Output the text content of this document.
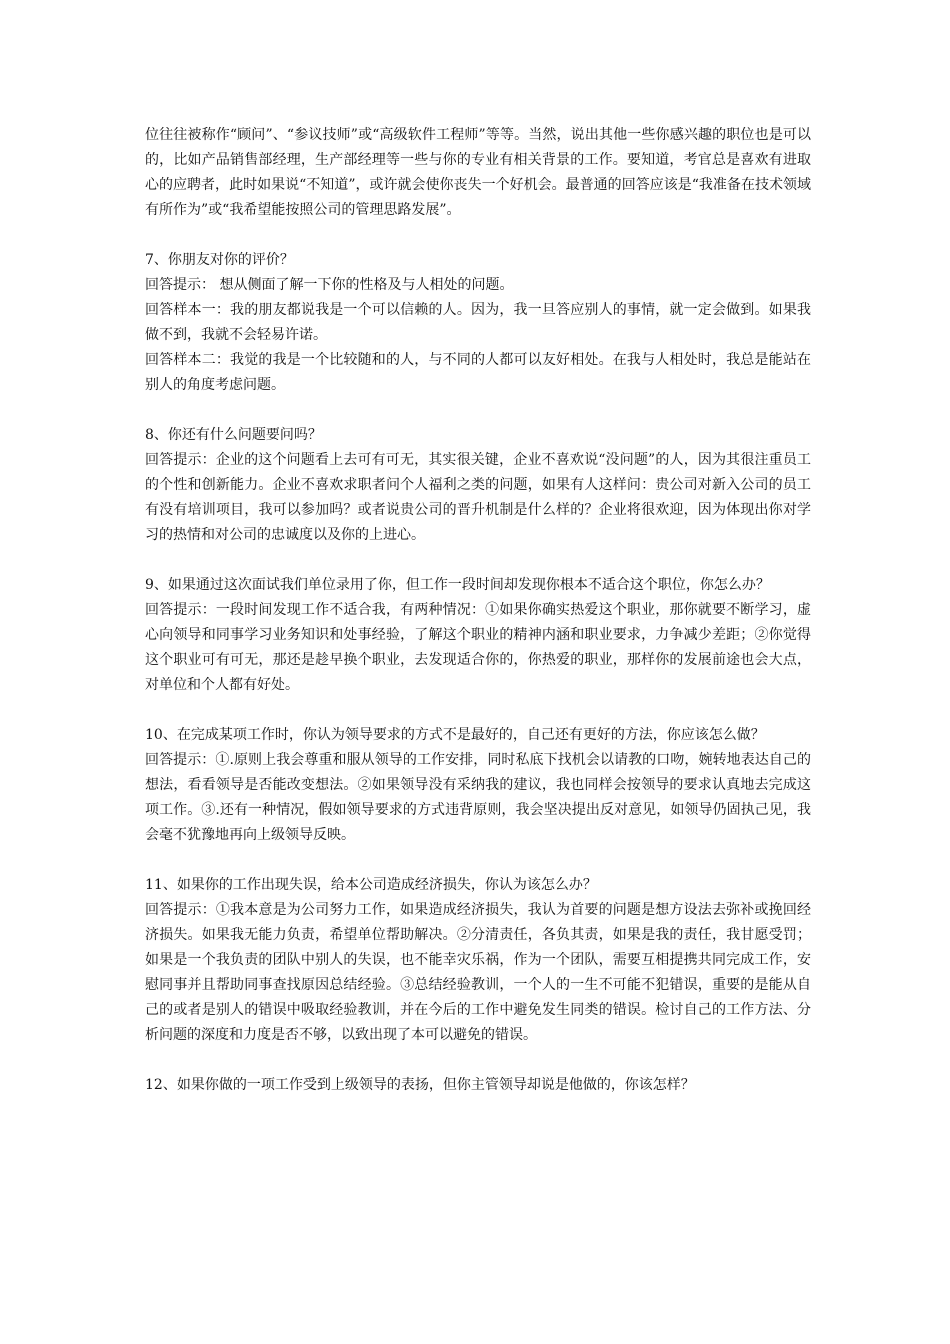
位往往被称作“顾问”、“参议技师”或“高级软件工程师”等等。当然，说出其他一些你感兴趣的职位也是可以的，比如产品销售部经理，生产部经理等一些与你的专业有相关背景的工作。要知道，考官总是喜欢有进取心的应聘者，此时如果说“不知道”，或许就会使你丧失一个好机会。最普通的回答应该是“我准备在技术领域有所作为”或“我希望能按照公司的管理思路发展”。

7、你朋友对你的评价？

回答提示： 想从侧面了解一下你的性格及与人相处的问题。

回答样本一：我的朋友都说我是一个可以信赖的人。因为，我一旦答应别人的事情，就一定会做到。如果我做不到，我就不会轻易许诺。

回答样本二：我觉的我是一个比较随和的人，与不同的人都可以友好相处。在我与人相处时，我总是能站在别人的角度考虑问题。

8、你还有什么问题要问吗？

回答提示：企业的这个问题看上去可有可无，其实很关键，企业不喜欢说“没问题”的人，因为其很注重员工的个性和创新能力。企业不喜欢求职者问个人福利之类的问题，如果有人这样问：贵公司对新入公司的员工有没有培训项目，我可以参加吗？或者说贵公司的晋升机制是什么样的？企业将很欢迎，因为体现出你对学习的热情和对公司的忠诚度以及你的上进心。

9、如果通过这次面试我们单位录用了你，但工作一段时间却发现你根本不适合这个职位，你怎么办？

回答提示：一段时间发现工作不适合我，有两种情况：①如果你确实热爱这个职业，那你就要不断学习，虚心向领导和同事学习业务知识和处事经验，了解这个职业的精神内涵和职业要求，力争减少差距；②你觉得这个职业可有可无，那还是趁早换个职业，去发现适合你的，你热爱的职业，那样你的发展前途也会大点，对单位和个人都有好处。

10、在完成某项工作时，你认为领导要求的方式不是最好的，自己还有更好的方法，你应该怎么做？

回答提示：①.原则上我会尊重和服从领导的工作安排，同时私底下找机会以请教的口吻，婉转地表达自己的想法，看看领导是否能改变想法。②如果领导没有采纳我的建议，我也同样会按领导的要求认真地去完成这项工作。③.还有一种情况，假如领导要求的方式违背原则，我会坚决提出反对意见，如领导仍固执己见，我会毫不犹豫地再向上级领导反映。

11、如果你的工作出现失误，给本公司造成经济损失，你认为该怎么办？

回答提示：①我本意是为公司努力工作，如果造成经济损失，我认为首要的问题是想方设法去弥补或挽回经济损失。如果我无能力负责，希望单位帮助解决。②分清责任，各负其责，如果是我的责任，我甘愿受罚；如果是一个我负责的团队中别人的失误，也不能幸灾乐祸，作为一个团队，需要互相提携共同完成工作，安慰同事并且帮助同事查找原因总结经验。③总结经验教训，一个人的一生不可能不犯错误，重要的是能从自己的或者是别人的错误中吸取经验教训，并在今后的工作中避免发生同类的错误。检讨自己的工作方法、分析问题的深度和力度是否不够，以致出现了本可以避免的错误。

12、如果你做的一项工作受到上级领导的表扬，但你主管领导却说是他做的，你该怎样？
